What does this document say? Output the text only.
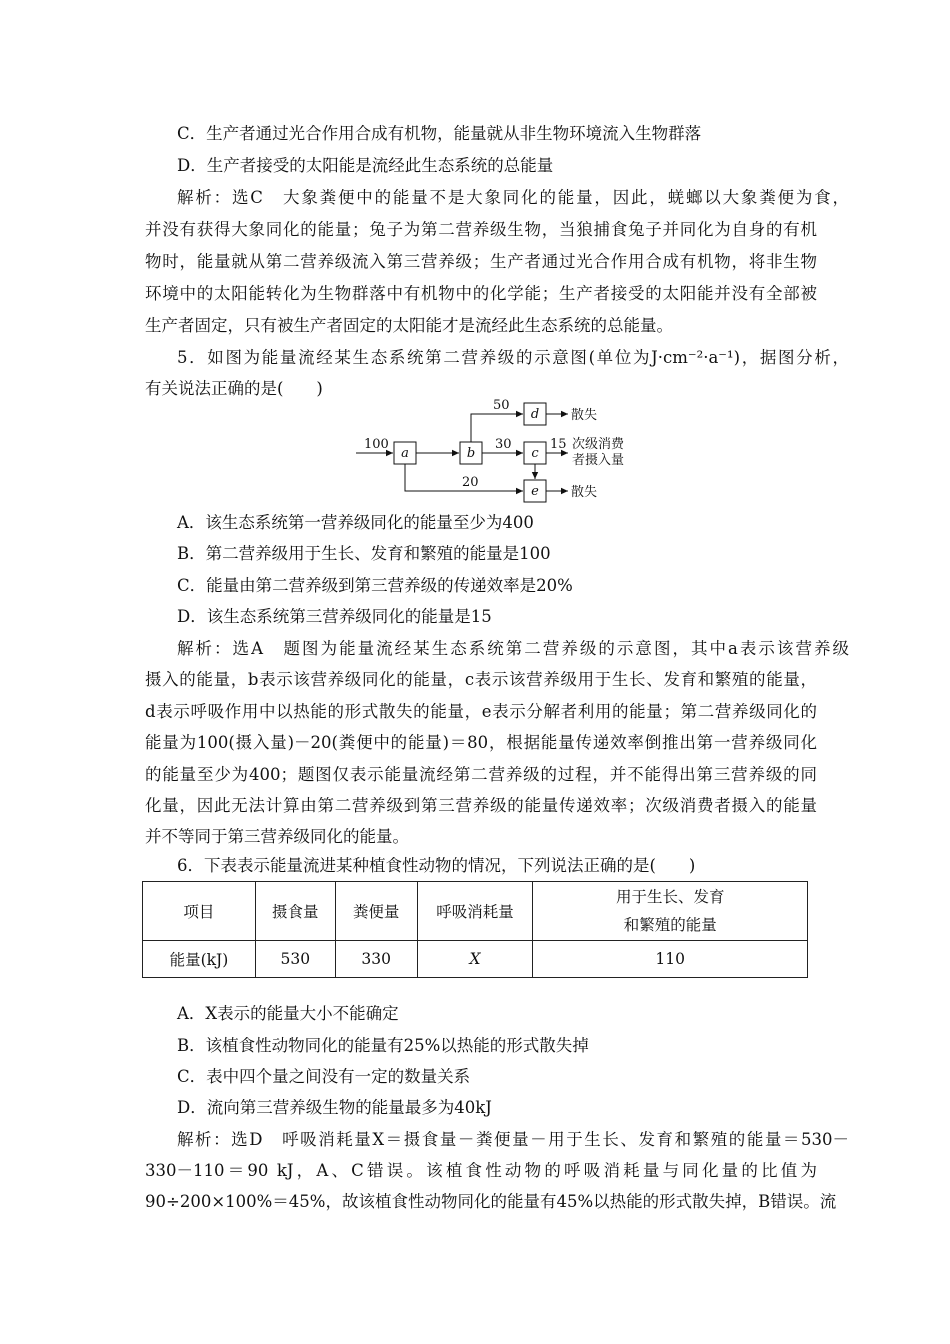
C．生产者通过光合作用合成有机物，能量就从非生物环境流入生物群落
D．生产者接受的太阳能是流经此生态系统的总能量
解析：选C　大象粪便中的能量不是大象同化的能量，因此，蜣螂以大象粪便为食，
并没有获得大象同化的能量；兔子为第二营养级生物，当狼捕食兔子并同化为自身的有机
物时，能量就从第二营养级流入第三营养级；生产者通过光合作用合成有机物，将非生物
环境中的太阳能转化为生物群落中有机物中的化学能；生产者接受的太阳能并没有全部被
生产者固定，只有被生产者固定的太阳能才是流经此生态系统的总能量。
5．如图为能量流经某生态系统第二营养级的示意图(单位为J·cm⁻²·a⁻¹)，据图分析，
有关说法正确的是(　　)
a	b
d
c
e
100
50
30
20
散失
15 次级消费
者摄入量
散失
A．该生态系统第一营养级同化的能量至少为400
B．第二营养级用于生长、发育和繁殖的能量是100
C．能量由第二营养级到第三营养级的传递效率是20%
D．该生态系统第三营养级同化的能量是15
解析：选A　题图为能量流经某生态系统第二营养级的示意图，其中a表示该营养级
摄入的能量，b表示该营养级同化的能量，c表示该营养级用于生长、发育和繁殖的能量，
d表示呼吸作用中以热能的形式散失的能量，e表示分解者利用的能量；第二营养级同化的
能量为100(摄入量)－20(粪便中的能量)＝80，根据能量传递效率倒推出第一营养级同化
的能量至少为400；题图仅表示能量流经第二营养级的过程，并不能得出第三营养级的同
化量，因此无法计算由第二营养级到第三营养级的能量传递效率；次级消费者摄入的能量
并不等同于第三营养级同化的能量。
6．下表表示能量流进某种植食性动物的情况，下列说法正确的是(　　)
项目	摄食量	粪便量	呼吸消耗量	用于生长、发育
和繁殖的能量
能量(kJ)	530	330	X	110
A．X表示的能量大小不能确定
B．该植食性动物同化的能量有25%以热能的形式散失掉
C．表中四个量之间没有一定的数量关系
D．流向第三营养级生物的能量最多为40kJ
解析：选D　呼吸消耗量X＝摄食量－粪便量－用于生长、发育和繁殖的能量＝530－
330－110＝90 kJ，A、C错误。该植食性动物的呼吸消耗量与同化量的比值为
90÷200×100%＝45%，故该植食性动物同化的能量有45%以热能的形式散失掉，B错误。流
